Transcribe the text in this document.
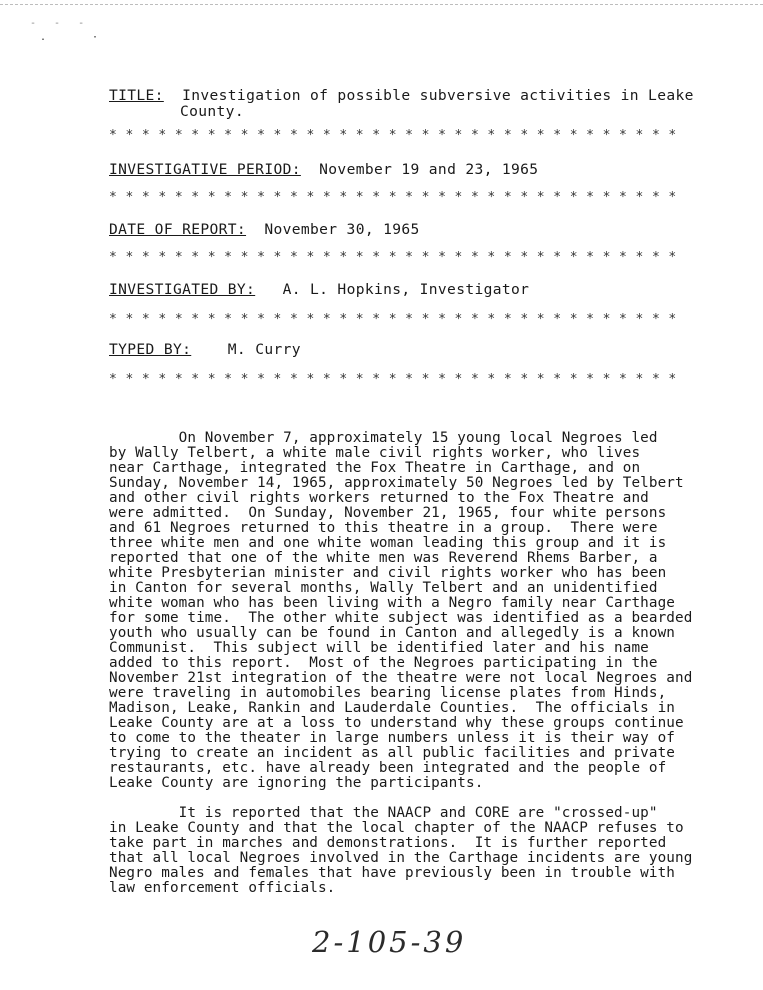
- - -
. ·
TITLE: Investigation of possible subversive activities in Leake
County.
* * * * * * * * * * * * * * * * * * * * * * * * * * * * * * * * * * *
INVESTIGATIVE PERIOD: November 19 and 23, 1965
* * * * * * * * * * * * * * * * * * * * * * * * * * * * * * * * * * *
DATE OF REPORT: November 30, 1965
* * * * * * * * * * * * * * * * * * * * * * * * * * * * * * * * * * *
INVESTIGATED BY: A. L. Hopkins, Investigator
* * * * * * * * * * * * * * * * * * * * * * * * * * * * * * * * * * *
TYPED BY:	M. Curry
* * * * * * * * * * * * * * * * * * * * * * * * * * * * * * * * * * *
On November 7, approximately 15 young local Negroes led
by Wally Telbert, a white male civil rights worker, who lives
near Carthage, integrated the Fox Theatre in Carthage, and on
Sunday, November 14, 1965, approximately 50 Negroes led by Telbert
and other civil rights workers returned to the Fox Theatre and
were admitted.  On Sunday, November 21, 1965, four white persons
and 61 Negroes returned to this theatre in a group.  There were
three white men and one white woman leading this group and it is
reported that one of the white men was Reverend Rhems Barber, a
white Presbyterian minister and civil rights worker who has been
in Canton for several months, Wally Telbert and an unidentified
white woman who has been living with a Negro family near Carthage
for some time.  The other white subject was identified as a bearded
youth who usually can be found in Canton and allegedly is a known
Communist.  This subject will be identified later and his name
added to this report.  Most of the Negroes participating in the
November 21st integration of the theatre were not local Negroes and
were traveling in automobiles bearing license plates from Hinds,
Madison, Leake, Rankin and Lauderdale Counties.  The officials in
Leake County are at a loss to understand why these groups continue
to come to the theater in large numbers unless it is their way of
trying to create an incident as all public facilities and private
restaurants, etc. have already been integrated and the people of
Leake County are ignoring the participants.
It is reported that the NAACP and CORE are "crossed-up"
in Leake County and that the local chapter of the NAACP refuses to
take part in marches and demonstrations.  It is further reported
that all local Negroes involved in the Carthage incidents are young
Negro males and females that have previously been in trouble with
law enforcement officials.
2-105-39
